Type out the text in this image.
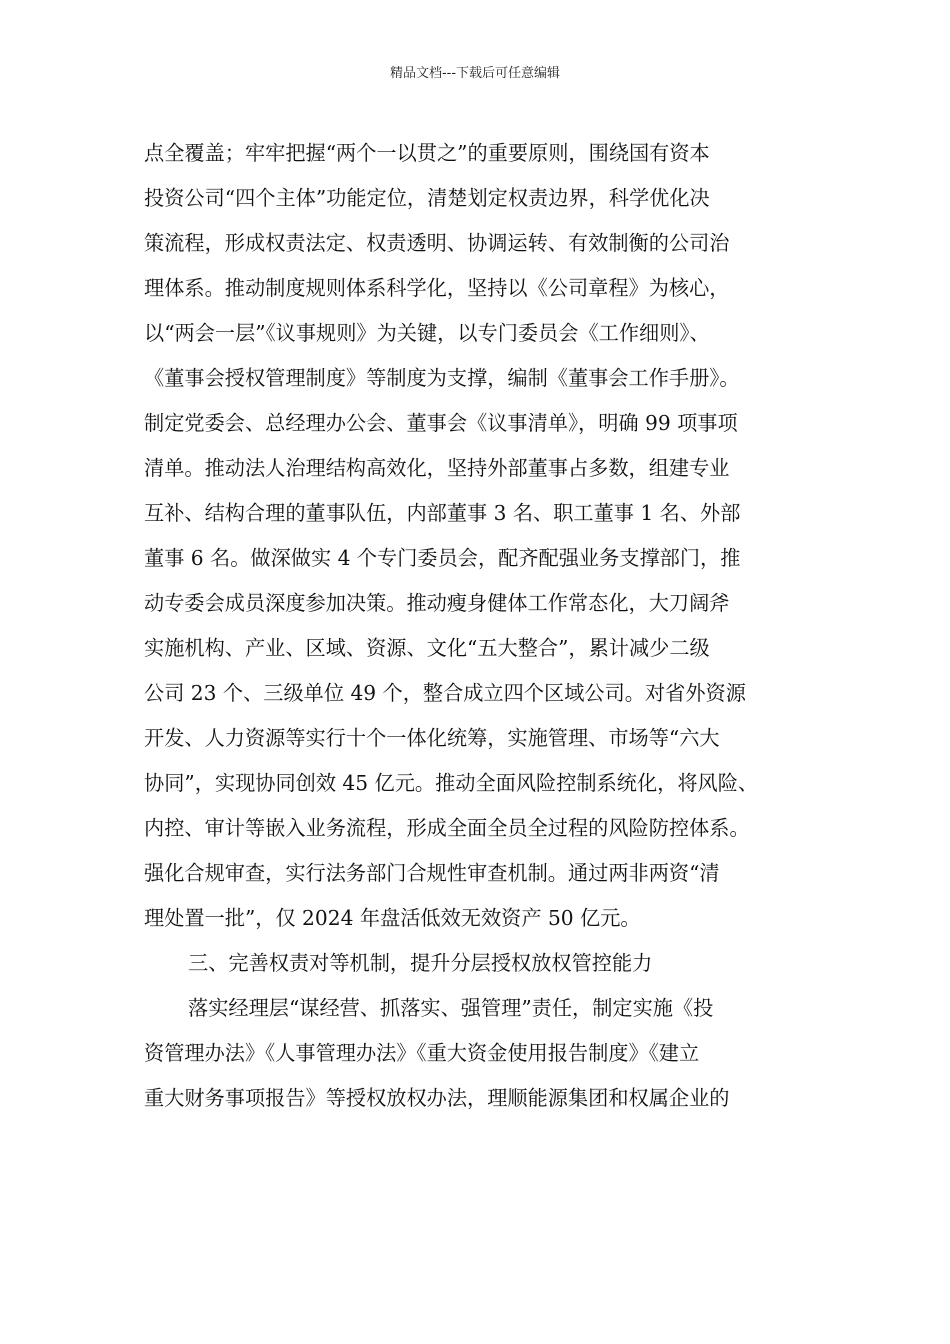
精品文档---下载后可任意编辑

点全覆盖；牢牢把握“两个一以贯之”的重要原则，围绕国有资本

投资公司“四个主体”功能定位，清楚划定权责边界，科学优化决

策流程，形成权责法定、权责透明、协调运转、有效制衡的公司治

理体系。推动制度规则体系科学化，坚持以《公司章程》为核心，

以“两会一层”《议事规则》为关键，以专门委员会《工作细则》、

《董事会授权管理制度》等制度为支撑，编制《董事会工作手册》。

制定党委会、总经理办公会、董事会《议事清单》，明确 99 项事项

清单。推动法人治理结构高效化，坚持外部董事占多数，组建专业

互补、结构合理的董事队伍，内部董事 3 名、职工董事 1 名、外部

董事 6 名。做深做实 4 个专门委员会，配齐配强业务支撑部门，推

动专委会成员深度参加决策。推动瘦身健体工作常态化，大刀阔斧

实施机构、产业、区域、资源、文化“五大整合”，累计减少二级

公司 23 个、三级单位 49 个，整合成立四个区域公司。对省外资源

开发、人力资源等实行十个一体化统筹，实施管理、市场等“六大

协同”，实现协同创效 45 亿元。推动全面风险控制系统化，将风险、

内控、审计等嵌入业务流程，形成全面全员全过程的风险防控体系。

强化合规审查，实行法务部门合规性审查机制。通过两非两资“清

理处置一批”，仅 2024 年盘活低效无效资产 50 亿元。

三、完善权责对等机制，提升分层授权放权管控能力

落实经理层“谋经营、抓落实、强管理”责任，制定实施《投

资管理办法》《人事管理办法》《重大资金使用报告制度》《建立

重大财务事项报告》等授权放权办法，理顺能源集团和权属企业的
